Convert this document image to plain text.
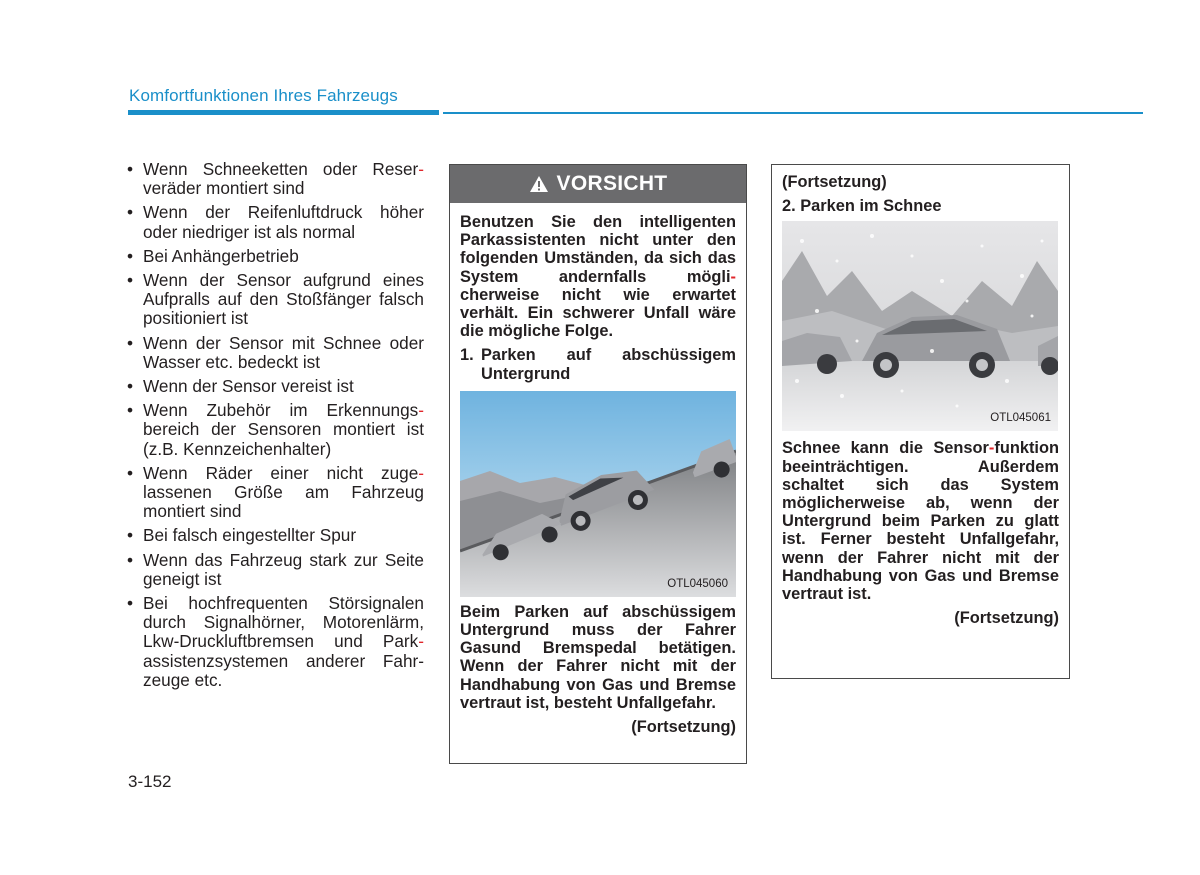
Komfortfunktionen Ihres Fahrzeugs
• Wenn Schneeketten oder Reser- veräder montiert sind
• Wenn der Reifenluftdruck höher oder niedriger ist als normal
• Bei Anhängerbetrieb
• Wenn der Sensor aufgrund eines Aufpralls auf den Stoßfänger falsch positioniert ist
• Wenn der Sensor mit Schnee oder Wasser etc. bedeckt ist
• Wenn der Sensor vereist ist
• Wenn Zubehör im Erkennungs- bereich der Sensoren montiert ist (z.B. Kennzeichenhalter)
• Wenn Räder einer nicht zuge- lassenen Größe am Fahrzeug montiert sind
• Bei falsch eingestellter Spur
• Wenn das Fahrzeug stark zur Seite geneigt ist
• Bei hochfrequenten Störsignalen durch Signalhörner, Motorenlärm, Lkw-Druckluftbremsen und Park- assistenzsystemen anderer Fahr-zeuge etc.
VORSICHT

Benutzen Sie den intelligenten Parkassistenten nicht unter den folgenden Umständen, da sich das System andernfalls mögli-cherweise nicht wie erwartet verhält. Ein schwerer Unfall wäre die mögliche Folge.

1. Parken auf abschüssigem Untergrund
OTL045060

Beim Parken auf abschüssigem Untergrund muss der Fahrer Gasund Bremspedal betätigen. Wenn der Fahrer nicht mit der Handhabung von Gas und Bremse vertraut ist, besteht Unfallgefahr.

(Fortsetzung)
(Fortsetzung)
2. Parken im Schnee
OTL045061

Schnee kann die Sensor-funktion beeinträchtigen. Außerdem schaltet sich das System möglicherweise ab, wenn der Untergrund beim Parken zu glatt ist. Ferner besteht Unfallgefahr, wenn der Fahrer nicht mit der Handhabung von Gas und Bremse vertraut ist.

(Fortsetzung)
3-152
